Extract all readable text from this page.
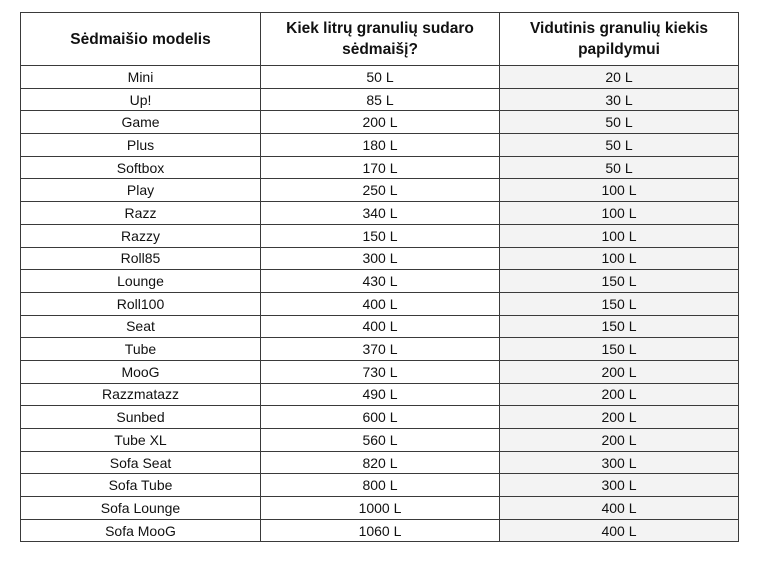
Sėdmaišio modelis	Kiek litrų granulių sudaro sėdmaišį?	Vidutinis granulių kiekis papildymui
Mini	50 L	20 L
Up!	85 L	30 L
Game	200 L	50 L
Plus	180 L	50 L
Softbox	170 L	50 L
Play	250 L	100 L
Razz	340 L	100 L
Razzy	150 L	100 L
Roll85	300 L	100 L
Lounge	430 L	150 L
Roll100	400 L	150 L
Seat	400 L	150 L
Tube	370 L	150 L
MooG	730 L	200 L
Razzmatazz	490 L	200 L
Sunbed	600 L	200 L
Tube XL	560 L	200 L
Sofa Seat	820 L	300 L
Sofa Tube	800 L	300 L
Sofa Lounge	1000 L	400 L
Sofa MooG	1060 L	400 L
